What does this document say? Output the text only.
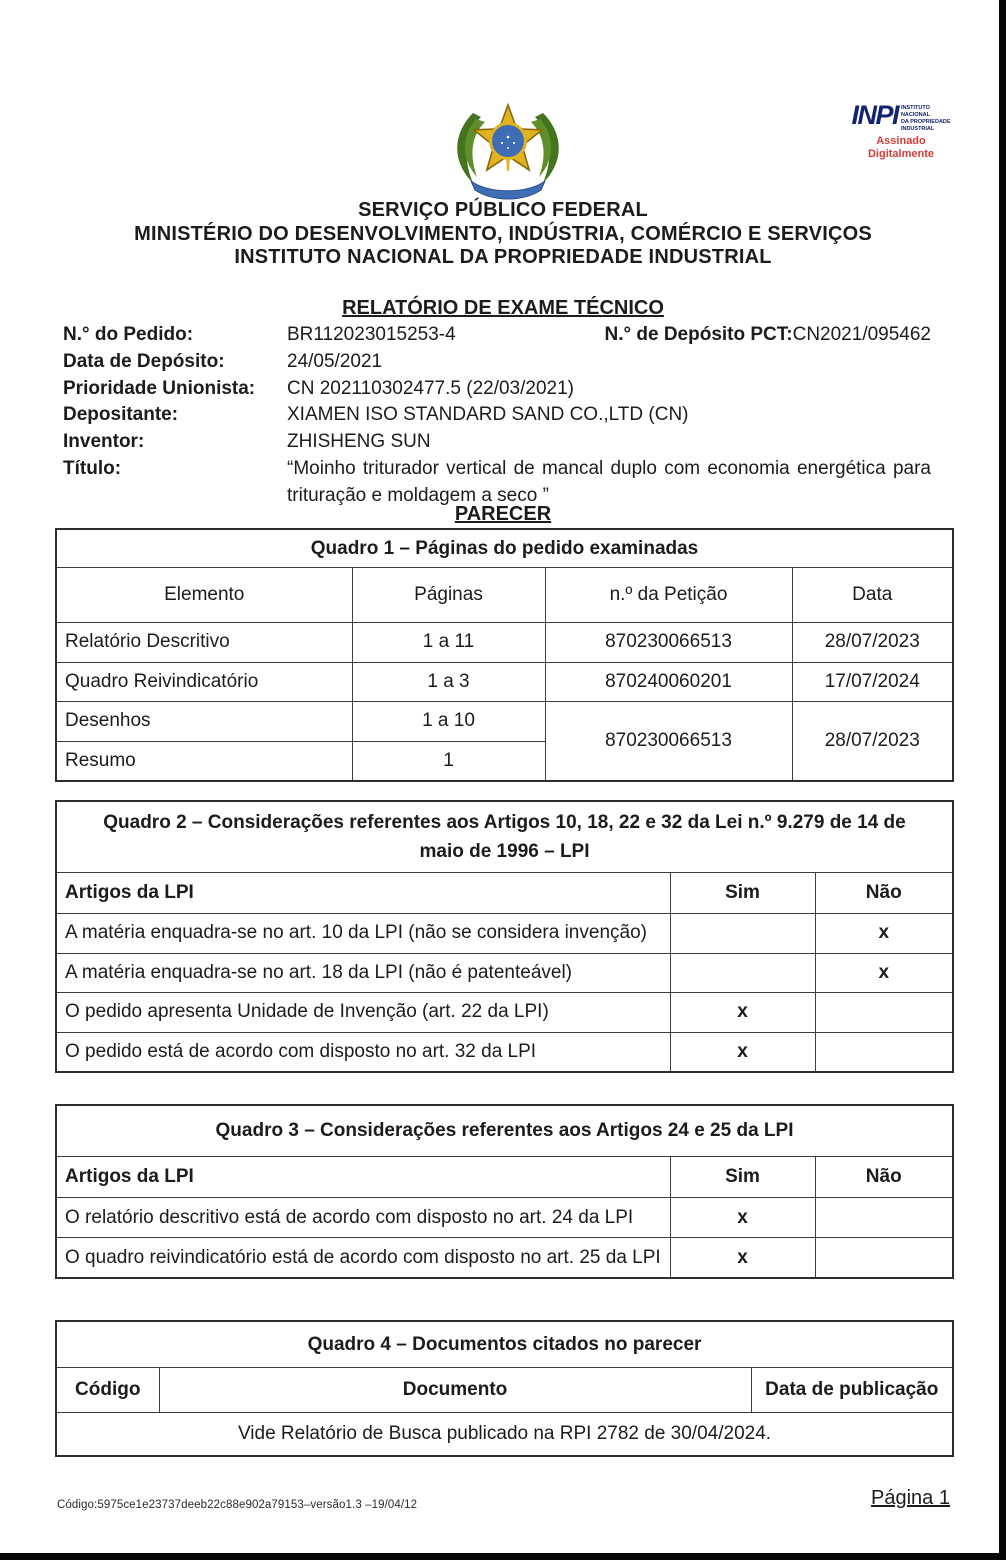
INPI INSTITUTO
NACIONAL
DA PROPRIEDADE
INDUSTRIAL
Assinado
Digitalmente
SERVIÇO PÚBLICO FEDERAL
MINISTÉRIO DO DESENVOLVIMENTO, INDÚSTRIA, COMÉRCIO E SERVIÇOS
INSTITUTO NACIONAL DA PROPRIEDADE INDUSTRIAL
RELATÓRIO DE EXAME TÉCNICO
N.° do Pedido:	BR112023015253-4	N.° de Depósito PCT:CN2021/095462
Data de Depósito:	24/05/2021
Prioridade Unionista:	CN 202110302477.5 (22/03/2021)
Depositante:	XIAMEN ISO STANDARD SAND CO.,LTD (CN)
Inventor:	ZHISHENG SUN
Título:	“Moinho triturador vertical de mancal duplo com economia energética para trituração e moldagem a seco ”
PARECER
Quadro 1 – Páginas do pedido examinadas			
Elemento	Páginas	n.º da Petição	Data
Relatório Descritivo	1 a 11	870230066513	28/07/2023
Quadro Reivindicatório	1 a 3	870240060201	17/07/2024
Desenhos	1 a 10	870230066513	28/07/2023
Resumo	1		
Quadro 2 – Considerações referentes aos Artigos 10, 18, 22 e 32 da Lei n.º 9.279 de 14 de
maio de 1996 – LPI		
Artigos da LPI	Sim	Não
A matéria enquadra-se no art. 10 da LPI (não se considera invenção)		x
A matéria enquadra-se no art. 18 da LPI (não é patenteável)		x
O pedido apresenta Unidade de Invenção (art. 22 da LPI)	x	
O pedido está de acordo com disposto no art. 32 da LPI	x	
Quadro 3 – Considerações referentes aos Artigos 24 e 25 da LPI		
Artigos da LPI	Sim	Não
O relatório descritivo está de acordo com disposto no art. 24 da LPI	x	
O quadro reivindicatório está de acordo com disposto no art. 25 da LPI	x	
Quadro 4 – Documentos citados no parecer
Código	Documento	Data de publicação
Vide Relatório de Busca publicado na RPI 2782 de 30/04/2024.
Código:5975ce1e23737deeb22c88e902a79153–versão1.3 –19/04/12	Página 1
